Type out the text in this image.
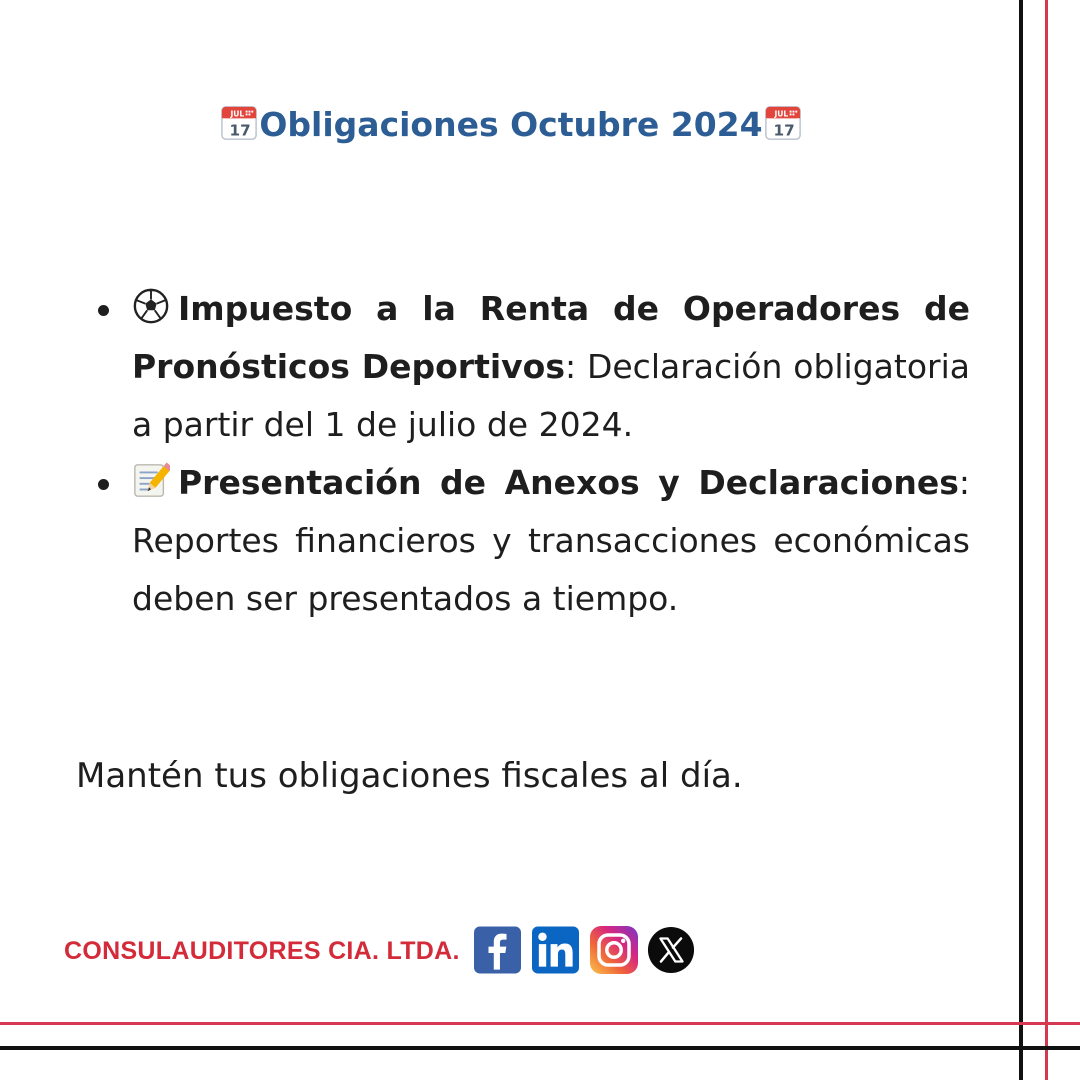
JUL
17 Obligaciones Octubre 2024 JUL
17
Impuesto a la Renta de Operadores de Pronósticos Deportivos: Declaración obligatoria a partir del 1 de julio de 2024.
Presentación de Anexos y Declaraciones: Reportes financieros y transacciones económicas deben ser presentados a tiempo.
Mantén tus obligaciones fiscales al día.
CONSULAUDITORES CIA. LTDA.
